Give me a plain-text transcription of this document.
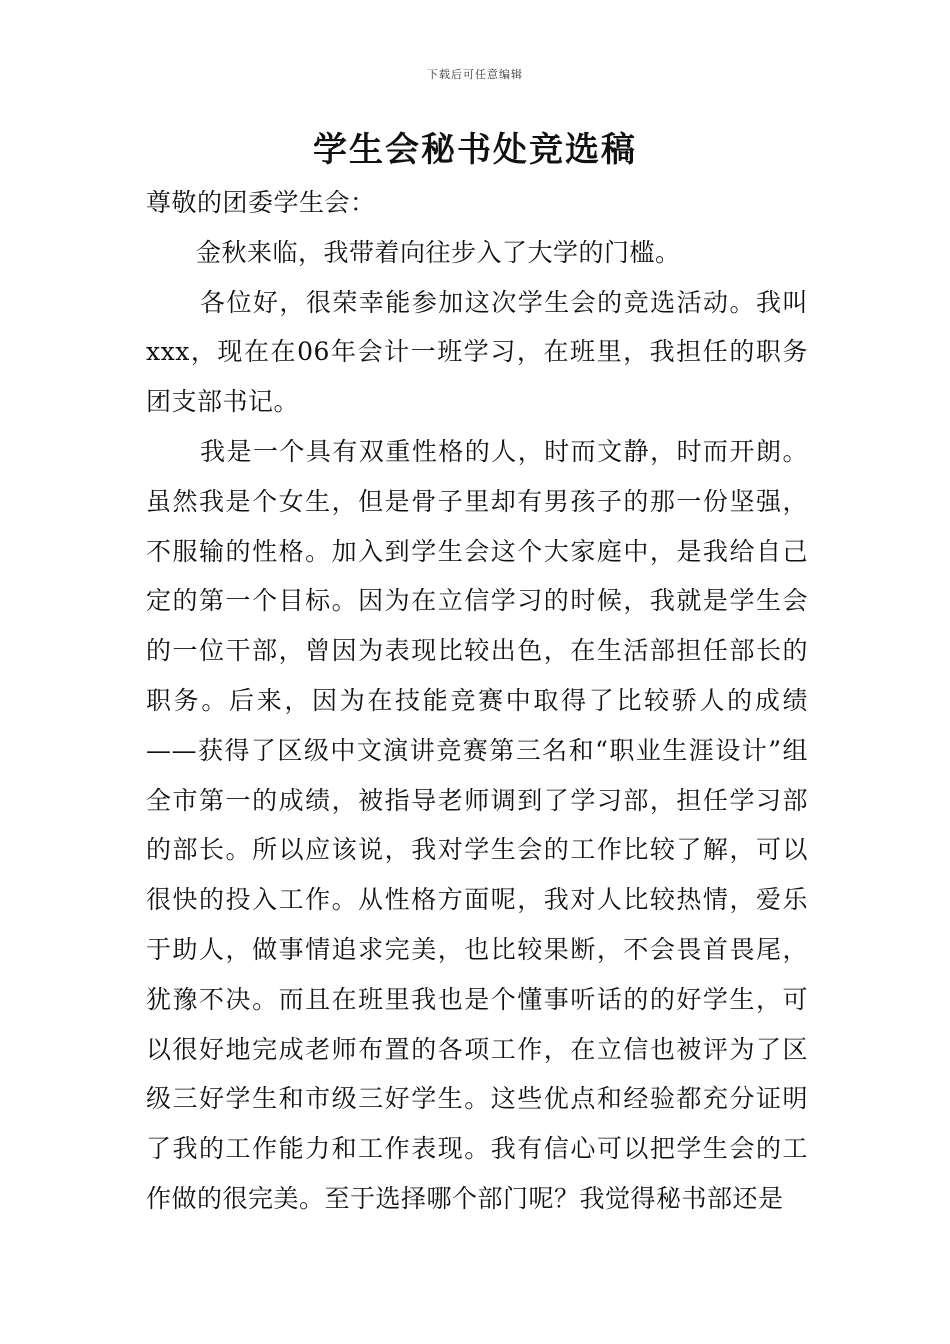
下载后可任意编辑
学生会秘书处竞选稿

尊敬的团委学生会：

金秋来临，我带着向往步入了大学的门槛。

各位好，很荣幸能参加这次学生会的竞选活动。我叫xxx，现在在06年会计一班学习，在班里，我担任的职务团支部书记。

我是一个具有双重性格的人，时而文静，时而开朗。虽然我是个女生，但是骨子里却有男孩子的那一份坚强，不服输的性格。加入到学生会这个大家庭中，是我给自己定的第一个目标。因为在立信学习的时候，我就是学生会的一位干部，曾因为表现比较出色，在生活部担任部长的职务。后来，因为在技能竞赛中取得了比较骄人的成绩——获得了区级中文演讲竞赛第三名和“职业生涯设计”组全市第一的成绩，被指导老师调到了学习部，担任学习部的部长。所以应该说，我对学生会的工作比较了解，可以很快的投入工作。从性格方面呢，我对人比较热情，爱乐于助人，做事情追求完美，也比较果断，不会畏首畏尾，犹豫不决。而且在班里我也是个懂事听话的的好学生，可以很好地完成老师布置的各项工作，在立信也被评为了区级三好学生和市级三好学生。这些优点和经验都充分证明了我的工作能力和工作表现。我有信心可以把学生会的工作做的很完美。至于选择哪个部门呢？我觉得秘书部还是
